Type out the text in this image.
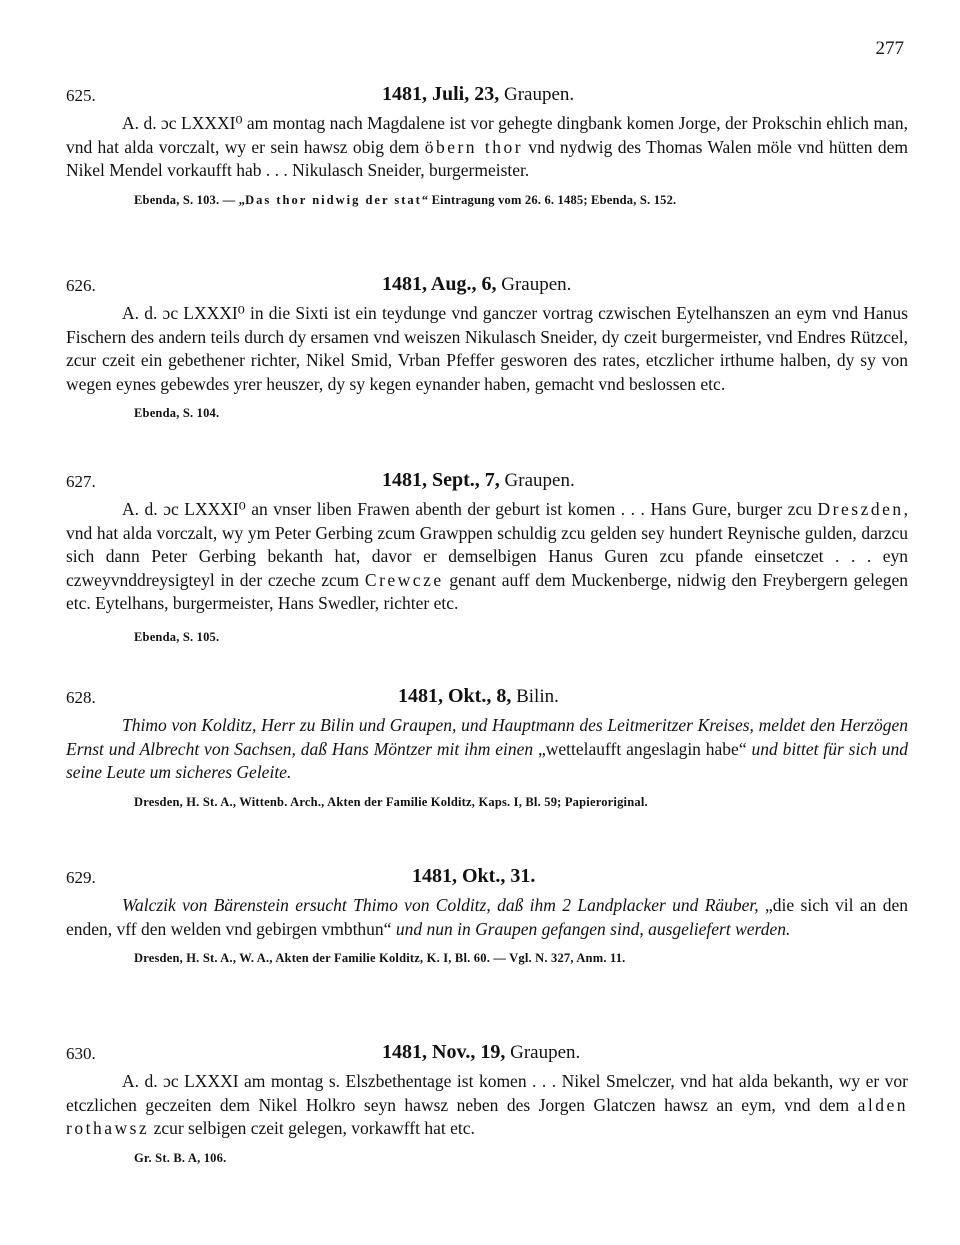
277
625.	1481, Juli, 23, Graupen.

A. d. ɔc LXXXI⁰ am montag nach Magdalene ist vor gehegte dingbank komen Jorge, der Prokschin ehlich man, vnd hat alda vorczalt, wy er sein hawsz obig dem öbern thor vnd nydwig des Thomas Walen möle vnd hütten dem Nikel Mendel vorkaufft hab . . . Nikulasch Sneider, burgermeister.

Ebenda, S. 103. — „Das thor nidwig der stat“ Eintragung vom 26. 6. 1485; Ebenda, S. 152.
626.	1481, Aug., 6, Graupen.

A. d. ɔc LXXXI⁰ in die Sixti ist ein teydunge vnd ganczer vortrag czwischen Eytelhanszen an eym vnd Hanus Fischern des andern teils durch dy ersamen vnd weiszen Nikulasch Sneider, dy czeit burgermeister, vnd Endres Rützcel, zcur czeit ein gebethener richter, Nikel Smid, Vrban Pfeffer gesworen des rates, etczlicher irthume halben, dy sy von wegen eynes gebewdes yrer heuszer, dy sy kegen eynander haben, gemacht vnd beslossen etc.

Ebenda, S. 104.
627.	1481, Sept., 7, Graupen.

A. d. ɔc LXXXI⁰ an vnser liben Frawen abenth der geburt ist komen . . . Hans Gure, burger zcu Dreszden, vnd hat alda vorczalt, wy ym Peter Gerbing zcum Grawppen schuldig zcu gelden sey hundert Reynische gulden, darzcu sich dann Peter Gerbing bekanth hat, davor er demselbigen Hanus Guren zcu pfande einsetczet . . . eyn czweyvnddreysigteyl in der czeche zcum Crewcze genant auff dem Muckenberge, nidwig den Freybergern gelegen etc. Eytelhans, burgermeister, Hans Swedler, richter etc.

Ebenda, S. 105.
628.	1481, Okt., 8, Bilin.

Thimo von Kolditz, Herr zu Bilin und Graupen, und Hauptmann des Leitmeritzer Kreises, meldet den Herzögen Ernst und Albrecht von Sachsen, daß Hans Möntzer mit ihm einen „wettelaufft angeslagin habe“ und bittet für sich und seine Leute um sicheres Geleite.

Dresden, H. St. A., Wittenb. Arch., Akten der Familie Kolditz, Kaps. I, Bl. 59; Papieroriginal.
629.	1481, Okt., 31.

Walczik von Bärenstein ersucht Thimo von Colditz, daß ihm 2 Landplacker und Räuber, „die sich vil an den enden, vff den welden vnd gebirgen vmbthun“ und nun in Graupen gefangen sind, ausgeliefert werden.

Dresden, H. St. A., W. A., Akten der Familie Kolditz, K. I, Bl. 60. — Vgl. N. 327, Anm. 11.
630.	1481, Nov., 19, Graupen.

A. d. ɔc LXXXI am montag s. Elszbethentage ist komen . . . Nikel Smelczer, vnd hat alda bekanth, wy er vor etczlichen geczeiten dem Nikel Holkro seyn hawsz neben des Jorgen Glatczen hawsz an eym, vnd dem alden rothawsz zcur selbigen czeit gelegen, vorkawfft hat etc.

Gr. St. B. A, 106.
